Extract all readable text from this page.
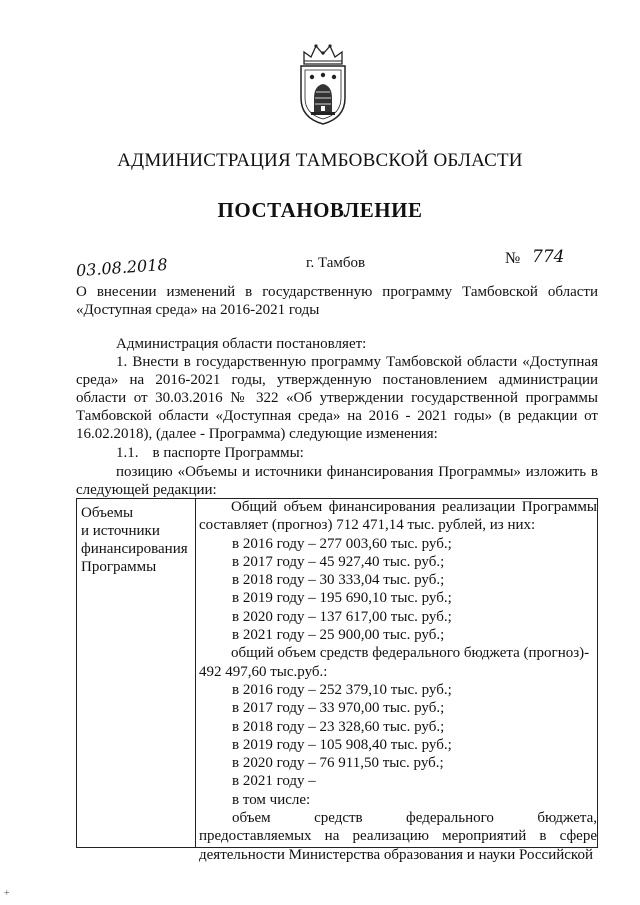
АДМИНИСТРАЦИЯ ТАМБОВСКОЙ ОБЛАСТИ
ПОСТАНОВЛЕНИЕ
03.08.2018	г. Тамбов	№ 774
О внесении изменений в государственную программу Тамбовской области «Доступная среда» на 2016-2021 годы
Администрация области постановляет:
1. Внести в государственную программу Тамбовской области «Доступная среда» на 2016-2021 годы, утвержденную постановлением администрации области от 30.03.2016 № 322 «Об утверждении государственной программы Тамбовской области «Доступная среда» на 2016 - 2021 годы» (в редакции от 16.02.2018), (далее - Программа) следующие изменения:
1.1. в паспорте Программы:
позицию «Объемы и источники финансирования Программы» изложить в следующей редакции:
Объемы
и источники
финансирования
Программы
Общий объем финансирования реализации Программы составляет (прогноз) 712 471,14 тыс. рублей, из них:
в 2016 году – 277 003,60 тыс. руб.;
в 2017 году – 45 927,40 тыс. руб.;
в 2018 году – 30 333,04 тыс. руб.;
в 2019 году – 195 690,10 тыс. руб.;
в 2020 году – 137 617,00 тыс. руб.;
в 2021 году – 25 900,00 тыс. руб.;
общий объем средств федерального бюджета (прогноз)-
492 497,60 тыс.руб.:
в 2016 году – 252 379,10 тыс. руб.;
в 2017 году – 33 970,00 тыс. руб.;
в 2018 году – 23 328,60 тыс. руб.;
в 2019 году – 105 908,40 тыс. руб.;
в 2020 году – 76 911,50 тыс. руб.;
в 2021 году –
в том числе:
объем средств федерального бюджета,
предоставляемых на реализацию мероприятий в сфере деятельности Министерства образования и науки Российской
+
